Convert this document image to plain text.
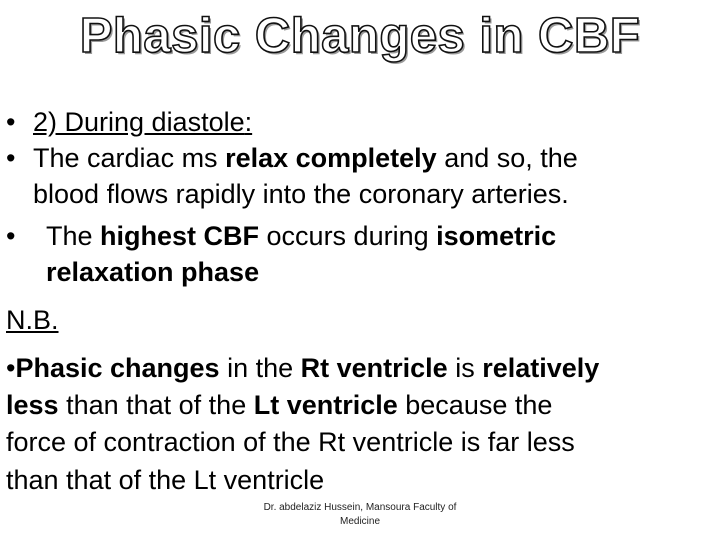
Phasic Changes in CBF
• 2) During diastole:
• The cardiac ms relax completely and so, the
blood flows rapidly into the coronary arteries.
• The highest CBF occurs during isometric
relaxation phase
N.B.
•Phasic changes in the Rt ventricle is relatively
less than that of the Lt ventricle because the
force of contraction of the Rt ventricle is far less
than that of the Lt ventricle
Dr. abdelaziz Hussein, Mansoura Faculty of
Medicine
